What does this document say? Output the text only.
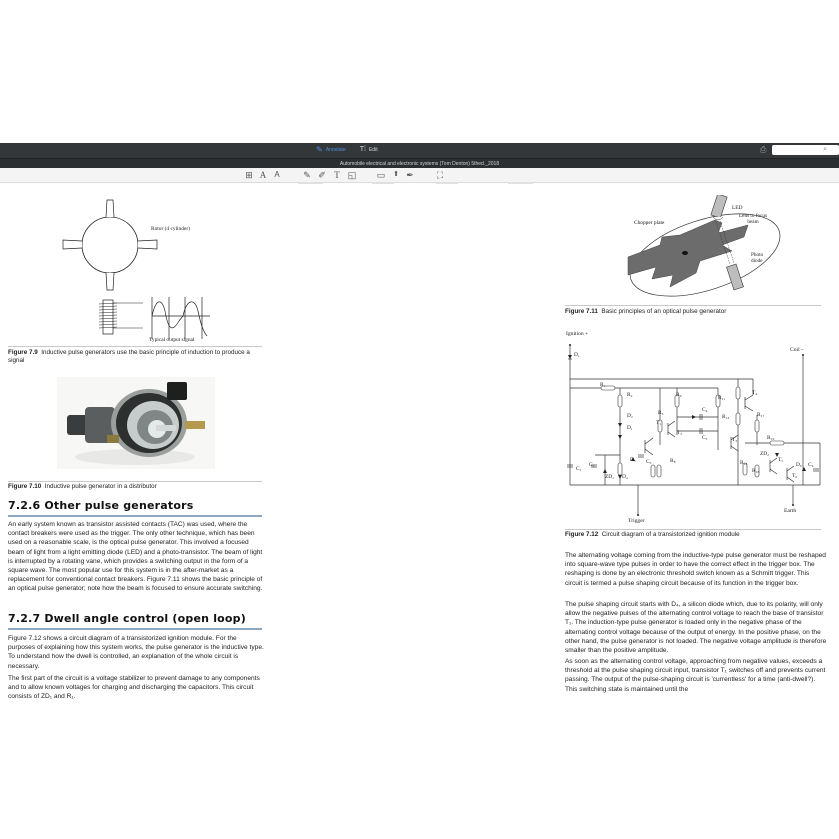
✎ Annotate T⁞ Edit	⎙	⌕
Automobile electrical and electronic systems (Tom Denton) 5thed._2018
⊞ A A	✎ ✐ T ◱ ▭ ⬆ ✒	⛶
Rotor (4 cylinder)
Typical output signal
Figure 7.9 Inductive pulse generators use the basic principle of induction to produce a signal
Figure 7.10 Inductive pulse generator in a distributor
7.2.6 Other pulse generators

An early system known as transistor assisted contacts (TAC) was used, where the contact breakers were used as the trigger. The only other technique, which has been used on a reasonable scale, is the optical pulse generator. This involved a focused beam of light from a light emitting diode (LED) and a photo-transistor. The beam of light is interrupted by a rotating vane, which provides a switching output in the form of a square wave. The most popular use for this system is in the after-market as a replacement for conventional contact breakers. Figure 7.11 shows the basic principle of an optical pulse generator; note how the beam is focused to ensure accurate switching.

7.2.7 Dwell angle control (open loop)

Figure 7.12 shows a circuit diagram of a transistorized ignition module. For the purposes of explaining how this system works, the pulse generator is the inductive type. To understand how the dwell is controlled, an explanation of the whole circuit is necessary.

The first part of the circuit is a voltage stabilizer to prevent damage to any components and to allow known voltages for charging and discharging the capacitors. This circuit consists of ZD₁ and R₁.

LED
Lens to focus beam
Chopper plate
Photo diode
Figure 7.11 Basic principles of an optical pulse generator
Ignition +
Coil –
Trigger
Earth
D₁
R₁
R₂
D₂
D₁
R₅
T₁
T₂
R₉
C₄
C₅
R₁₁
R₁₄
T₃
T₄
R₁₇
R₁₉
ZD₂
T₅
T₆
R₁₆
R₁₈
D₆ C₆
C₁
C₂
ZD₁ D₄
D₅ C₃	R₈
Figure 7.12 Circuit diagram of a transistorized ignition module

The alternating voltage coming from the inductive-type pulse generator must be reshaped into square-wave type pulses in order to have the correct effect in the trigger box. The reshaping is done by an electronic threshold switch known as a Schmitt trigger. This circuit is termed a pulse shaping circuit because of its function in the trigger box.

The pulse shaping circuit starts with D₄, a silicon diode which, due to its polarity, will only allow the negative pulses of the alternating control voltage to reach the base of transistor T₁. The induction-type pulse generator is loaded only in the negative phase of the alternating control voltage because of the output of energy. In the positive phase, on the other hand, the pulse generator is not loaded. The negative voltage amplitude is therefore smaller than the positive amplitude.

As soon as the alternating control voltage, approaching from negative values, exceeds a threshold at the pulse shaping circuit input, transistor T₁ switches off and prevents current passing. The output of the pulse-shaping circuit is 'currentless' for a time (anti-dwell?). This switching state is maintained until the
